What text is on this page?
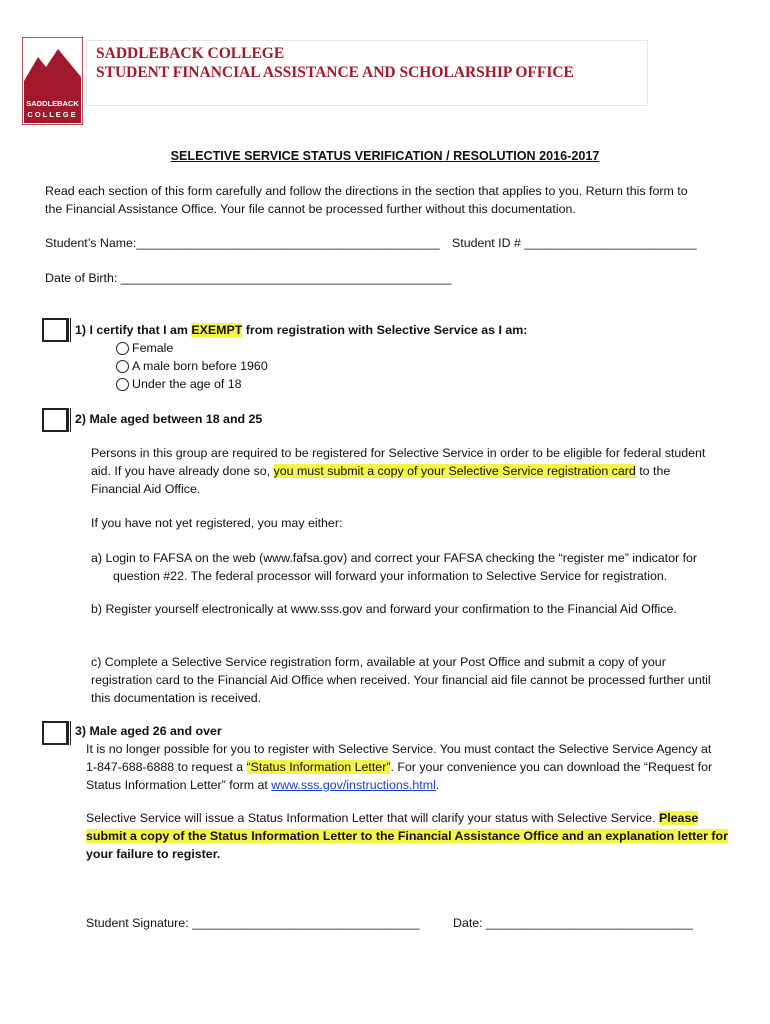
SADDLEBACK
COLLEGE
SADDLEBACK COLLEGE
STUDENT FINANCIAL ASSISTANCE AND SCHOLARSHIP OFFICE
SELECTIVE SERVICE STATUS VERIFICATION / RESOLUTION 2016-2017
Read each section of this form carefully and follow the directions in the section that applies to you. Return this form to
the Financial Assistance Office. Your file cannot be processed further without this documentation.
Student’s Name:____________________________________________ Student ID # _________________________
Date of Birth: ________________________________________________
1) I certify that I am EXEMPT from registration with Selective Service as I am:
Female
A male born before 1960
Under the age of 18
2) Male aged between 18 and 25
Persons in this group are required to be registered for Selective Service in order to be eligible for federal student
aid. If you have already done so, you must submit a copy of your Selective Service registration card to the
Financial Aid Office.
If you have not yet registered, you may either:
a) Login to FAFSA on the web (www.fafsa.gov) and correct your FAFSA checking the “register me” indicator for
question #22. The federal processor will forward your information to Selective Service for registration.
b) Register yourself electronically at www.sss.gov and forward your confirmation to the Financial Aid Office.
c) Complete a Selective Service registration form, available at your Post Office and submit a copy of your
registration card to the Financial Aid Office when received. Your financial aid file cannot be processed further until
this documentation is received.
3) Male aged 26 and over
It is no longer possible for you to register with Selective Service. You must contact the Selective Service Agency at
1-847-688-6888 to request a “Status Information Letter”. For your convenience you can download the “Request for
Status Information Letter” form at www.sss.gov/instructions.html.
Selective Service will issue a Status Information Letter that will clarify your status with Selective Service. Please
submit a copy of the Status Information Letter to the Financial Assistance Office and an explanation letter for
your failure to register.
Student Signature: _________________________________	Date: ______________________________
